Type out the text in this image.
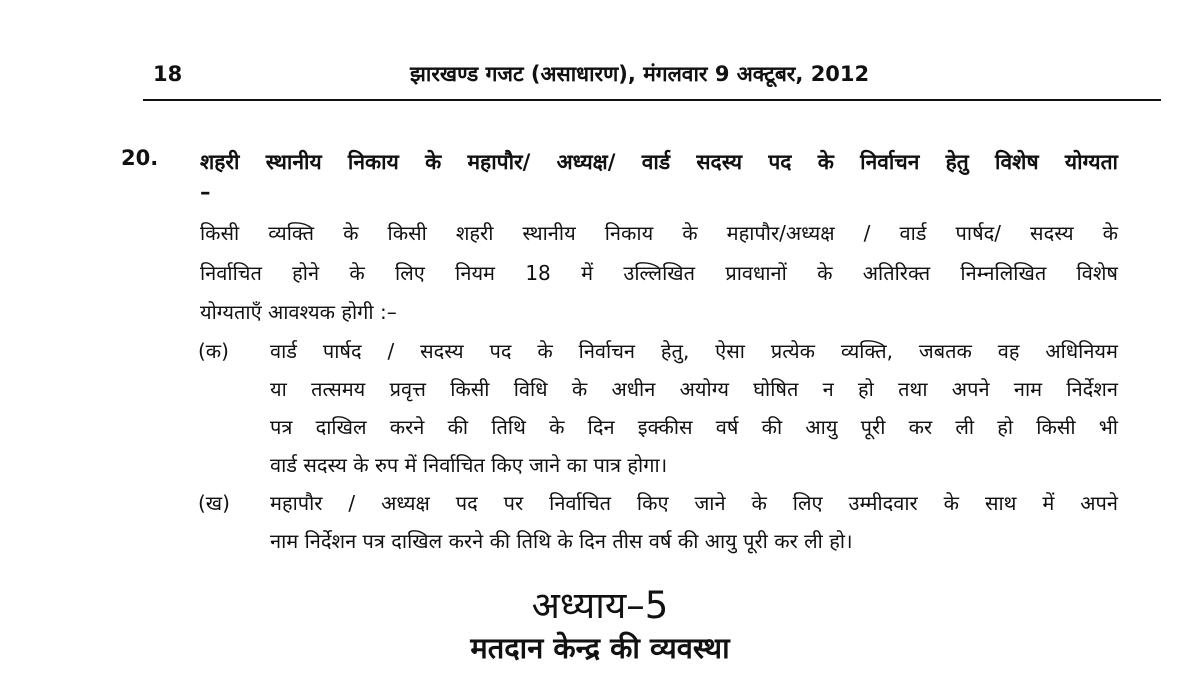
18	झारखण्ड गजट (असाधारण), मंगलवार 9 अक्टूबर, 2012
20. शहरी स्थानीय निकाय के महापौर/ अध्यक्ष/ वार्ड सदस्य पद के निर्वाचन हेतु विशेष योग्यता
–
किसी व्यक्ति के किसी शहरी स्थानीय निकाय के महापौर/अध्यक्ष / वार्ड पार्षद/ सदस्य के
निर्वाचित होने के लिए नियम 18 में उल्लिखित प्रावधानों के अतिरिक्त निम्नलिखित विशेष
योग्यताएँ आवश्यक होगी :–
(क) वार्ड पार्षद / सदस्य पद के निर्वाचन हेतु, ऐसा प्रत्येक व्यक्ति, जबतक वह अधिनियम
या तत्समय प्रवृत्त किसी विधि के अधीन अयोग्य घोषित न हो तथा अपने नाम निर्देशन
पत्र दाखिल करने की तिथि के दिन इक्कीस वर्ष की आयु पूरी कर ली हो किसी भी
वार्ड सदस्य के रुप में निर्वाचित किए जाने का पात्र होगा।
(ख) महापौर / अध्यक्ष पद पर निर्वाचित किए जाने के लिए उम्मीदवार के साथ में अपने
नाम निर्देशन पत्र दाखिल करने की तिथि के दिन तीस वर्ष की आयु पूरी कर ली हो।
अध्याय–5
मतदान केन्द्र की व्यवस्था
